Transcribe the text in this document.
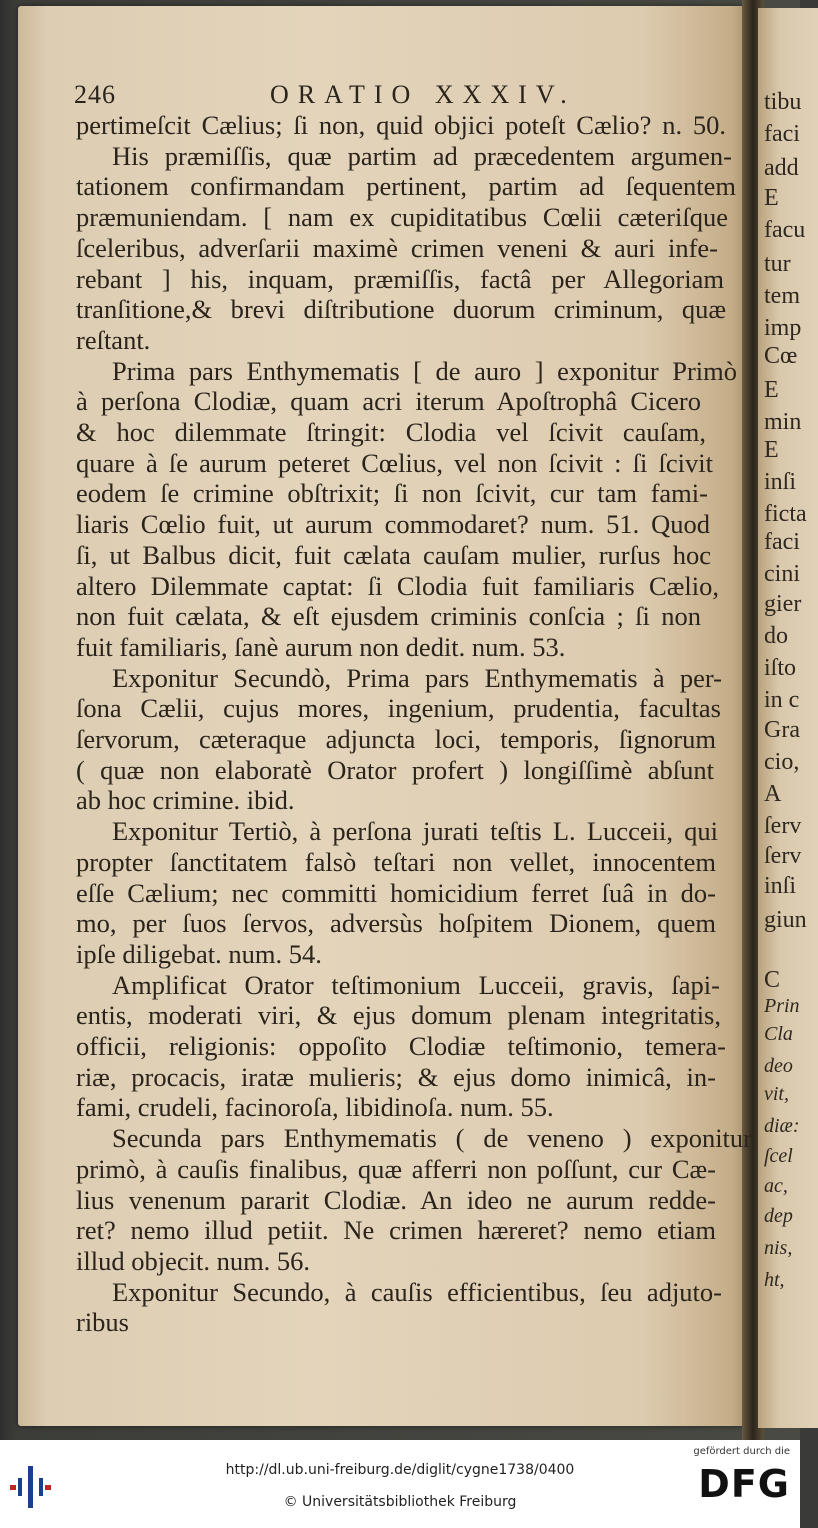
246	ORATIO XXXIV.
pertimeſcit Cælius; ſi non, quid objici poteſt Cælio? n. 50.
His præmiſſis, quæ partim ad præcedentem argumen-
tationem confirmandam pertinent, partim ad ſequentem
præmuniendam. [ nam ex cupiditatibus Cœlii cæteriſque
ſceleribus, adverſarii maximè crimen veneni & auri infe-
rebant ] his, inquam, præmiſſis, factâ per Allegoriam
tranſitione,& brevi diſtributione duorum criminum, quæ
reſtant.
Prima pars Enthymematis [ de auro ] exponitur Primò
à perſona Clodiæ, quam acri iterum Apoſtrophâ Cicero
& hoc dilemmate ſtringit: Clodia vel ſcivit cauſam,
quare à ſe aurum peteret Cœlius, vel non ſcivit : ſi ſcivit
eodem ſe crimine obſtrixit; ſi non ſcivit, cur tam fami-
liaris Cœlio fuit, ut aurum commodaret? num. 51. Quod
ſi, ut Balbus dicit, fuit cælata cauſam mulier, rurſus hoc
altero Dilemmate captat: ſi Clodia fuit familiaris Cælio,
non fuit cælata, & eſt ejusdem criminis conſcia ; ſi non
fuit familiaris, ſanè aurum non dedit. num. 53.
Exponitur Secundò, Prima pars Enthymematis à per-
ſona Cælii, cujus mores, ingenium, prudentia, facultas
ſervorum, cæteraque adjuncta loci, temporis, ſignorum
( quæ non elaboratè Orator profert ) longiſſimè abſunt
ab hoc crimine. ibid.
Exponitur Tertiò, à perſona jurati teſtis L. Lucceii, qui
propter ſanctitatem falsò teſtari non vellet, innocentem
eſſe Cælium; nec committi homicidium ferret ſuâ in do-
mo, per ſuos ſervos, adversùs hoſpitem Dionem, quem
ipſe diligebat. num. 54.
Amplificat Orator teſtimonium Lucceii, gravis, ſapi-
entis, moderati viri, & ejus domum plenam integritatis,
officii, religionis: oppoſito Clodiæ teſtimonio, temera-
riæ, procacis, iratæ mulieris; & ejus domo inimicâ, in-
fami, crudeli, facinoroſa, libidinoſa. num. 55.
Secunda pars Enthymematis ( de veneno ) exponitur
primò, à cauſis finalibus, quæ afferri non poſſunt, cur Cæ-
lius venenum pararit Clodiæ. An ideo ne aurum redde-
ret? nemo illud petiit. Ne crimen hæreret? nemo etiam
illud objecit. num. 56.
Exponitur Secundo, à cauſis efficientibus, ſeu adjuto-
ribus
tibu
faci
add
E
facu
tur
tem
imp
Cœ
E
min
E
inſi
ficta
faci
cini
gier
do
iſto
in c
Gra
cio,
A
ſerv
ſerv
inſi
giun
C
Prin
Cla
deo
vit,
diæ:
ſcel
ac,
dep
nis,
ht,
http://dl.ub.uni-freiburg.de/diglit/cygne1738/0400
© Universitätsbibliothek Freiburg
gefördert durch die
DFG
